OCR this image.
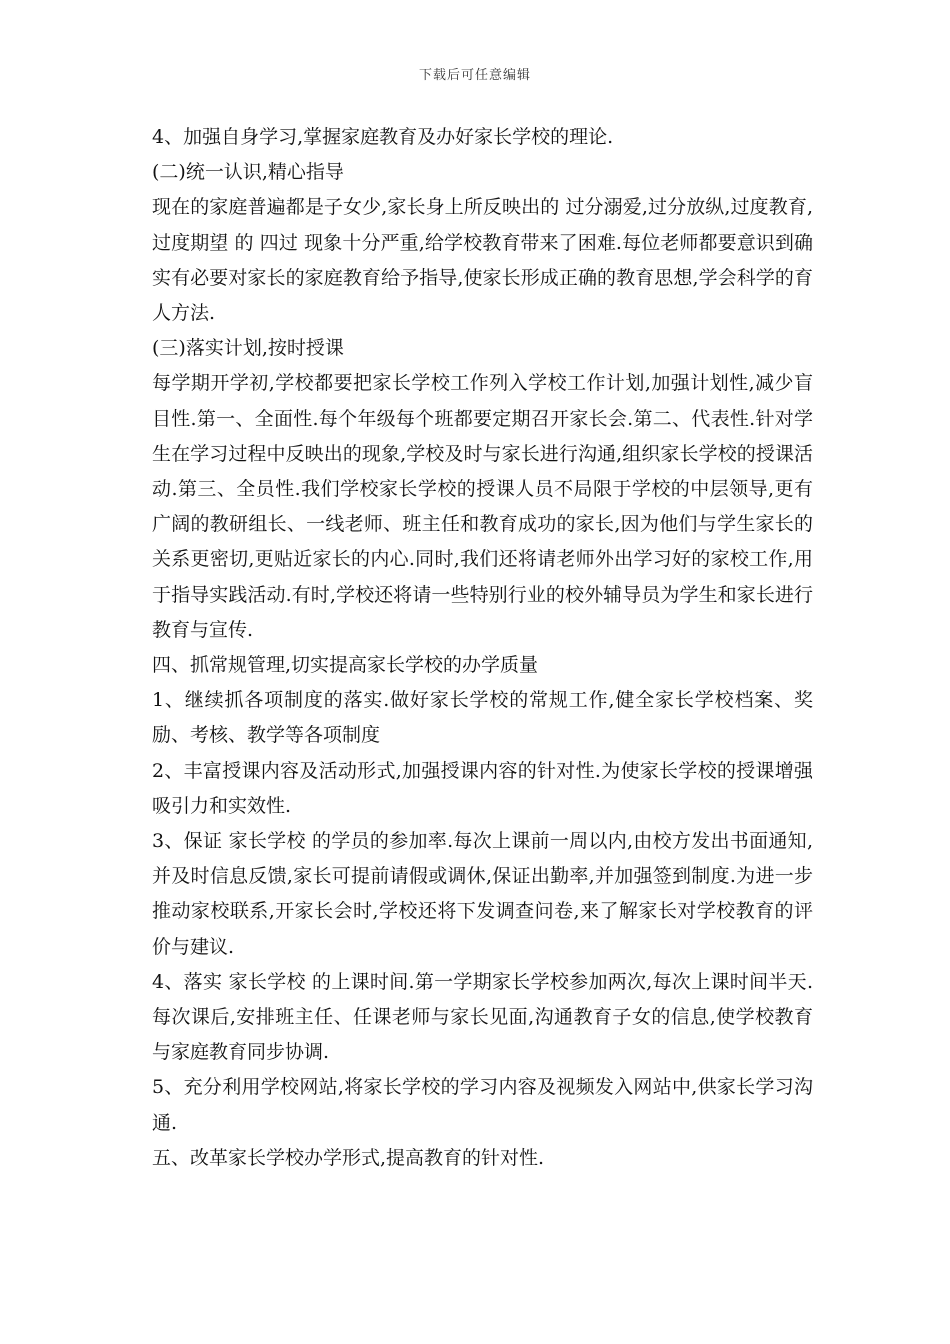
下载后可任意编辑

4、加强自身学习,掌握家庭教育及办好家长学校的理论.

(二)统一认识,精心指导

现在的家庭普遍都是子女少,家长身上所反映出的 过分溺爱,过分放纵,过度教育,过度期望 的 四过 现象十分严重,给学校教育带来了困难.每位老师都要意识到确实有必要对家长的家庭教育给予指导,使家长形成正确的教育思想,学会科学的育人方法.

(三)落实计划,按时授课

每学期开学初,学校都要把家长学校工作列入学校工作计划,加强计划性,减少盲目性.第一、全面性.每个年级每个班都要定期召开家长会.第二、代表性.针对学生在学习过程中反映出的现象,学校及时与家长进行沟通,组织家长学校的授课活动.第三、全员性.我们学校家长学校的授课人员不局限于学校的中层领导,更有广阔的教研组长、一线老师、班主任和教育成功的家长,因为他们与学生家长的关系更密切,更贴近家长的内心.同时,我们还将请老师外出学习好的家校工作,用于指导实践活动.有时,学校还将请一些特别行业的校外辅导员为学生和家长进行教育与宣传.

四、抓常规管理,切实提高家长学校的办学质量

1、继续抓各项制度的落实.做好家长学校的常规工作,健全家长学校档案、奖励、考核、教学等各项制度

2、丰富授课内容及活动形式,加强授课内容的针对性.为使家长学校的授课增强吸引力和实效性.

3、保证 家长学校 的学员的参加率.每次上课前一周以内,由校方发出书面通知,并及时信息反馈,家长可提前请假或调休,保证出勤率,并加强签到制度.为进一步推动家校联系,开家长会时,学校还将下发调查问卷,来了解家长对学校教育的评价与建议.

4、落实 家长学校 的上课时间.第一学期家长学校参加两次,每次上课时间半天.每次课后,安排班主任、任课老师与家长见面,沟通教育子女的信息,使学校教育与家庭教育同步协调.

5、充分利用学校网站,将家长学校的学习内容及视频发入网站中,供家长学习沟通.

五、改革家长学校办学形式,提高教育的针对性.
